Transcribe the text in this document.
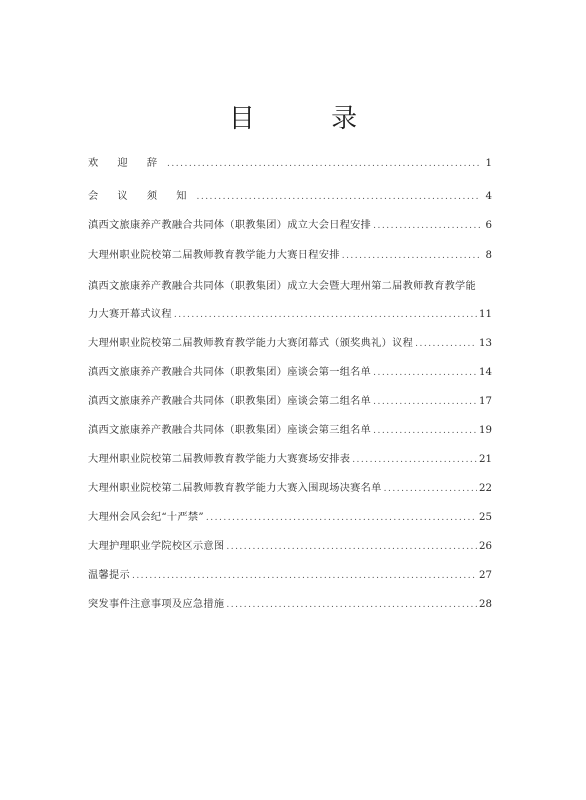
目 录
欢 迎 辞 .....	1
会 议 须 知 .....	4
滇西文旅康养产教融合共同体（职教集团）成立大会日程安排 .....	6
大理州职业院校第二届教师教育教学能力大赛日程安排 .....	8
滇西文旅康养产教融合共同体（职教集团）成立大会暨大理州第二届教师教育教学能
力大赛开幕式议程 .....	11
大理州职业院校第二届教师教育教学能力大赛闭幕式（颁奖典礼）议程 .....	13
滇西文旅康养产教融合共同体（职教集团）座谈会第一组名单 .....	14
滇西文旅康养产教融合共同体（职教集团）座谈会第二组名单 .....	17
滇西文旅康养产教融合共同体（职教集团）座谈会第三组名单 .....	19
大理州职业院校第二届教师教育教学能力大赛赛场安排表 .....	21
大理州职业院校第二届教师教育教学能力大赛入围现场决赛名单 .....	22
大理州会风会纪“十严禁” .....	25
大理护理职业学院校区示意图 .....	26
温馨提示 .....	27
突发事件注意事项及应急措施 .....	28
